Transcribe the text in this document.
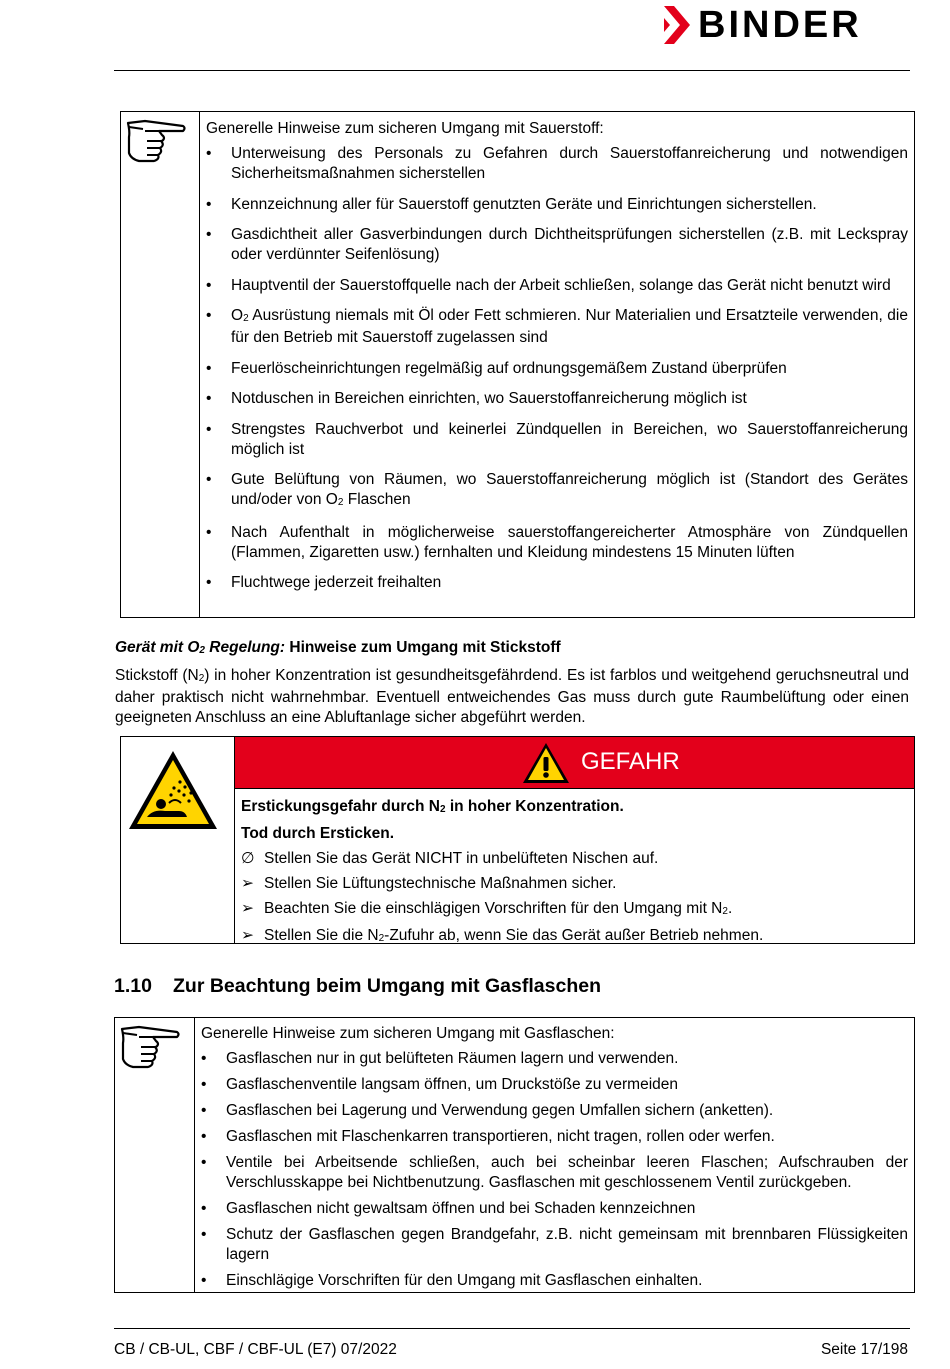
BINDER
Generelle Hinweise zum sicheren Umgang mit Sauerstoff:
• Unterweisung des Personals zu Gefahren durch Sauerstoffanreicherung und notwendigen Sicherheitsmaßnahmen sicherstellen
• Kennzeichnung aller für Sauerstoff genutzten Geräte und Einrichtungen sicherstellen.
• Gasdichtheit aller Gasverbindungen durch Dichtheitsprüfungen sicherstellen (z.B. mit Leckspray oder verdünnter Seifenlösung)
• Hauptventil der Sauerstoffquelle nach der Arbeit schließen, solange das Gerät nicht benutzt wird
• O2 Ausrüstung niemals mit Öl oder Fett schmieren. Nur Materialien und Ersatzteile verwenden, die für den Betrieb mit Sauerstoff zugelassen sind
• Feuerlöscheinrichtungen regelmäßig auf ordnungsgemäßem Zustand überprüfen
• Notduschen in Bereichen einrichten, wo Sauerstoffanreicherung möglich ist
• Strengstes Rauchverbot und keinerlei Zündquellen in Bereichen, wo Sauerstoffanreicherung möglich ist
• Gute Belüftung von Räumen, wo Sauerstoffanreicherung möglich ist (Standort des Gerätes und/oder von O2 Flaschen
• Nach Aufenthalt in möglicherweise sauerstoffangereicherter Atmosphäre von Zündquellen (Flammen, Zigaretten usw.) fernhalten und Kleidung mindestens 15 Minuten lüften
• Fluchtwege jederzeit freihalten
Gerät mit O2 Regelung: Hinweise zum Umgang mit Stickstoff
Stickstoff (N2) in hoher Konzentration ist gesundheitsgefährdend. Es ist farblos und weitgehend geruchsneutral und daher praktisch nicht wahrnehmbar. Eventuell entweichendes Gas muss durch gute Raumbelüftung oder einen geeigneten Anschluss an eine Abluftanlage sicher abgeführt werden.
GEFAHR
Erstickungsgefahr durch N2 in hoher Konzentration.
Tod durch Ersticken.
∅ Stellen Sie das Gerät NICHT in unbelüfteten Nischen auf.
➢ Stellen Sie Lüftungstechnische Maßnahmen sicher.
➢ Beachten Sie die einschlägigen Vorschriften für den Umgang mit N2.
➢ Stellen Sie die N2-Zufuhr ab, wenn Sie das Gerät außer Betrieb nehmen.
1.10 Zur Beachtung beim Umgang mit Gasflaschen
Generelle Hinweise zum sicheren Umgang mit Gasflaschen:
• Gasflaschen nur in gut belüfteten Räumen lagern und verwenden.
• Gasflaschenventile langsam öffnen, um Druckstöße zu vermeiden
• Gasflaschen bei Lagerung und Verwendung gegen Umfallen sichern (anketten).
• Gasflaschen mit Flaschenkarren transportieren, nicht tragen, rollen oder werfen.
• Ventile bei Arbeitsende schließen, auch bei scheinbar leeren Flaschen; Aufschrauben der Verschlusskappe bei Nichtbenutzung. Gasflaschen mit geschlossenem Ventil zurückgeben.
• Gasflaschen nicht gewaltsam öffnen und bei Schaden kennzeichnen
• Schutz der Gasflaschen gegen Brandgefahr, z.B. nicht gemeinsam mit brennbaren Flüssigkeiten lagern
• Einschlägige Vorschriften für den Umgang mit Gasflaschen einhalten.
CB / CB-UL, CBF / CBF-UL (E7) 07/2022	Seite 17/198
